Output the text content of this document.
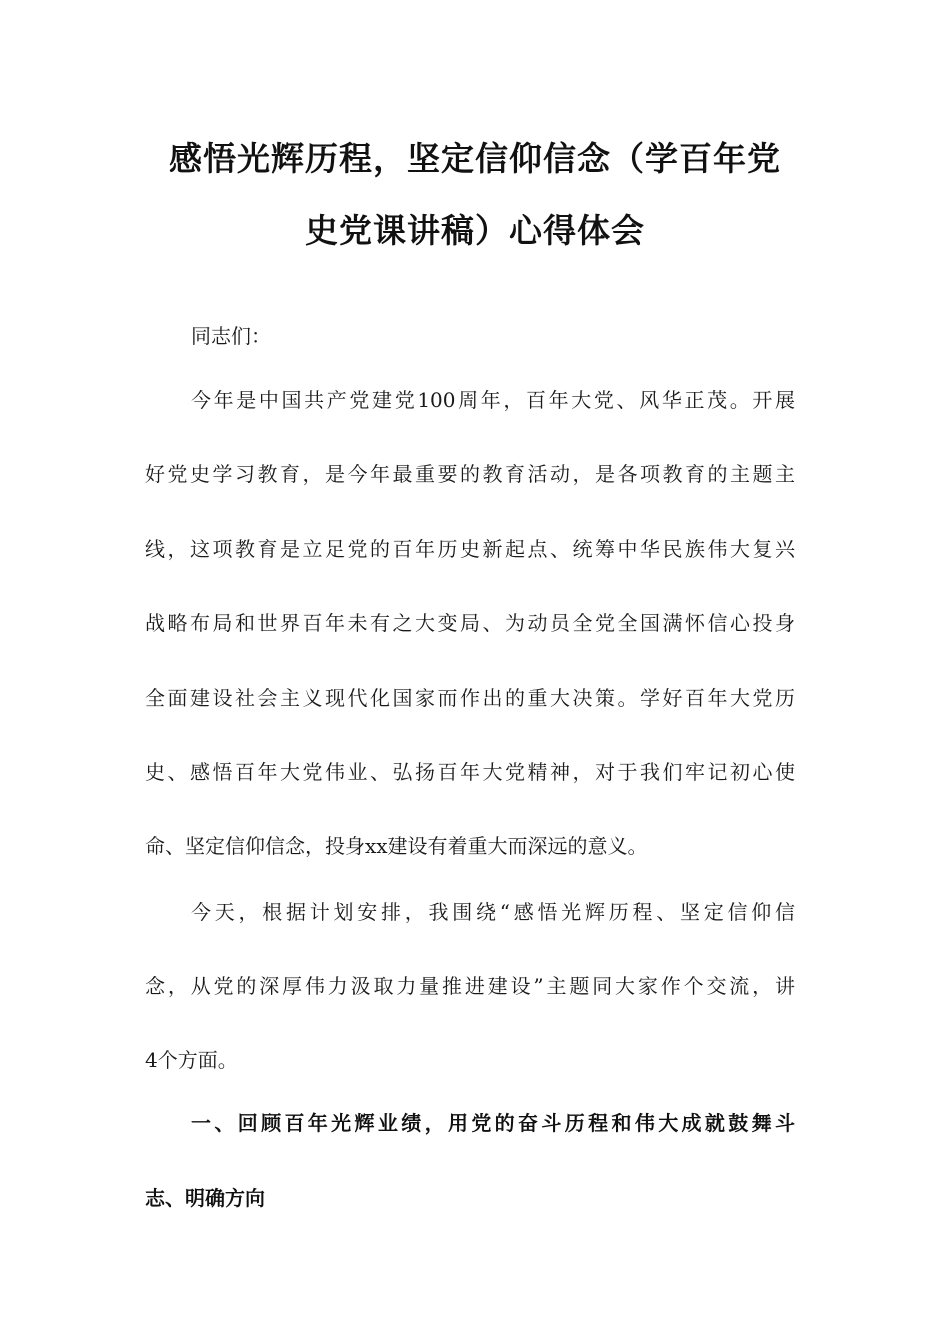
感悟光辉历程，坚定信仰信念（学百年党
史党课讲稿）心得体会
同志们：
今年是中国共产党建党100周年，百年大党、风华正茂。开展
好党史学习教育，是今年最重要的教育活动，是各项教育的主题主
线，这项教育是立足党的百年历史新起点、统筹中华民族伟大复兴
战略布局和世界百年未有之大变局、为动员全党全国满怀信心投身
全面建设社会主义现代化国家而作出的重大决策。学好百年大党历
史、感悟百年大党伟业、弘扬百年大党精神，对于我们牢记初心使
命、坚定信仰信念，投身xx建设有着重大而深远的意义。
今天，根据计划安排，我围绕“感悟光辉历程、坚定信仰信
念，从党的深厚伟力汲取力量推进建设”主题同大家作个交流，讲
4个方面。
一、回顾百年光辉业绩，用党的奋斗历程和伟大成就鼓舞斗
志、明确方向
